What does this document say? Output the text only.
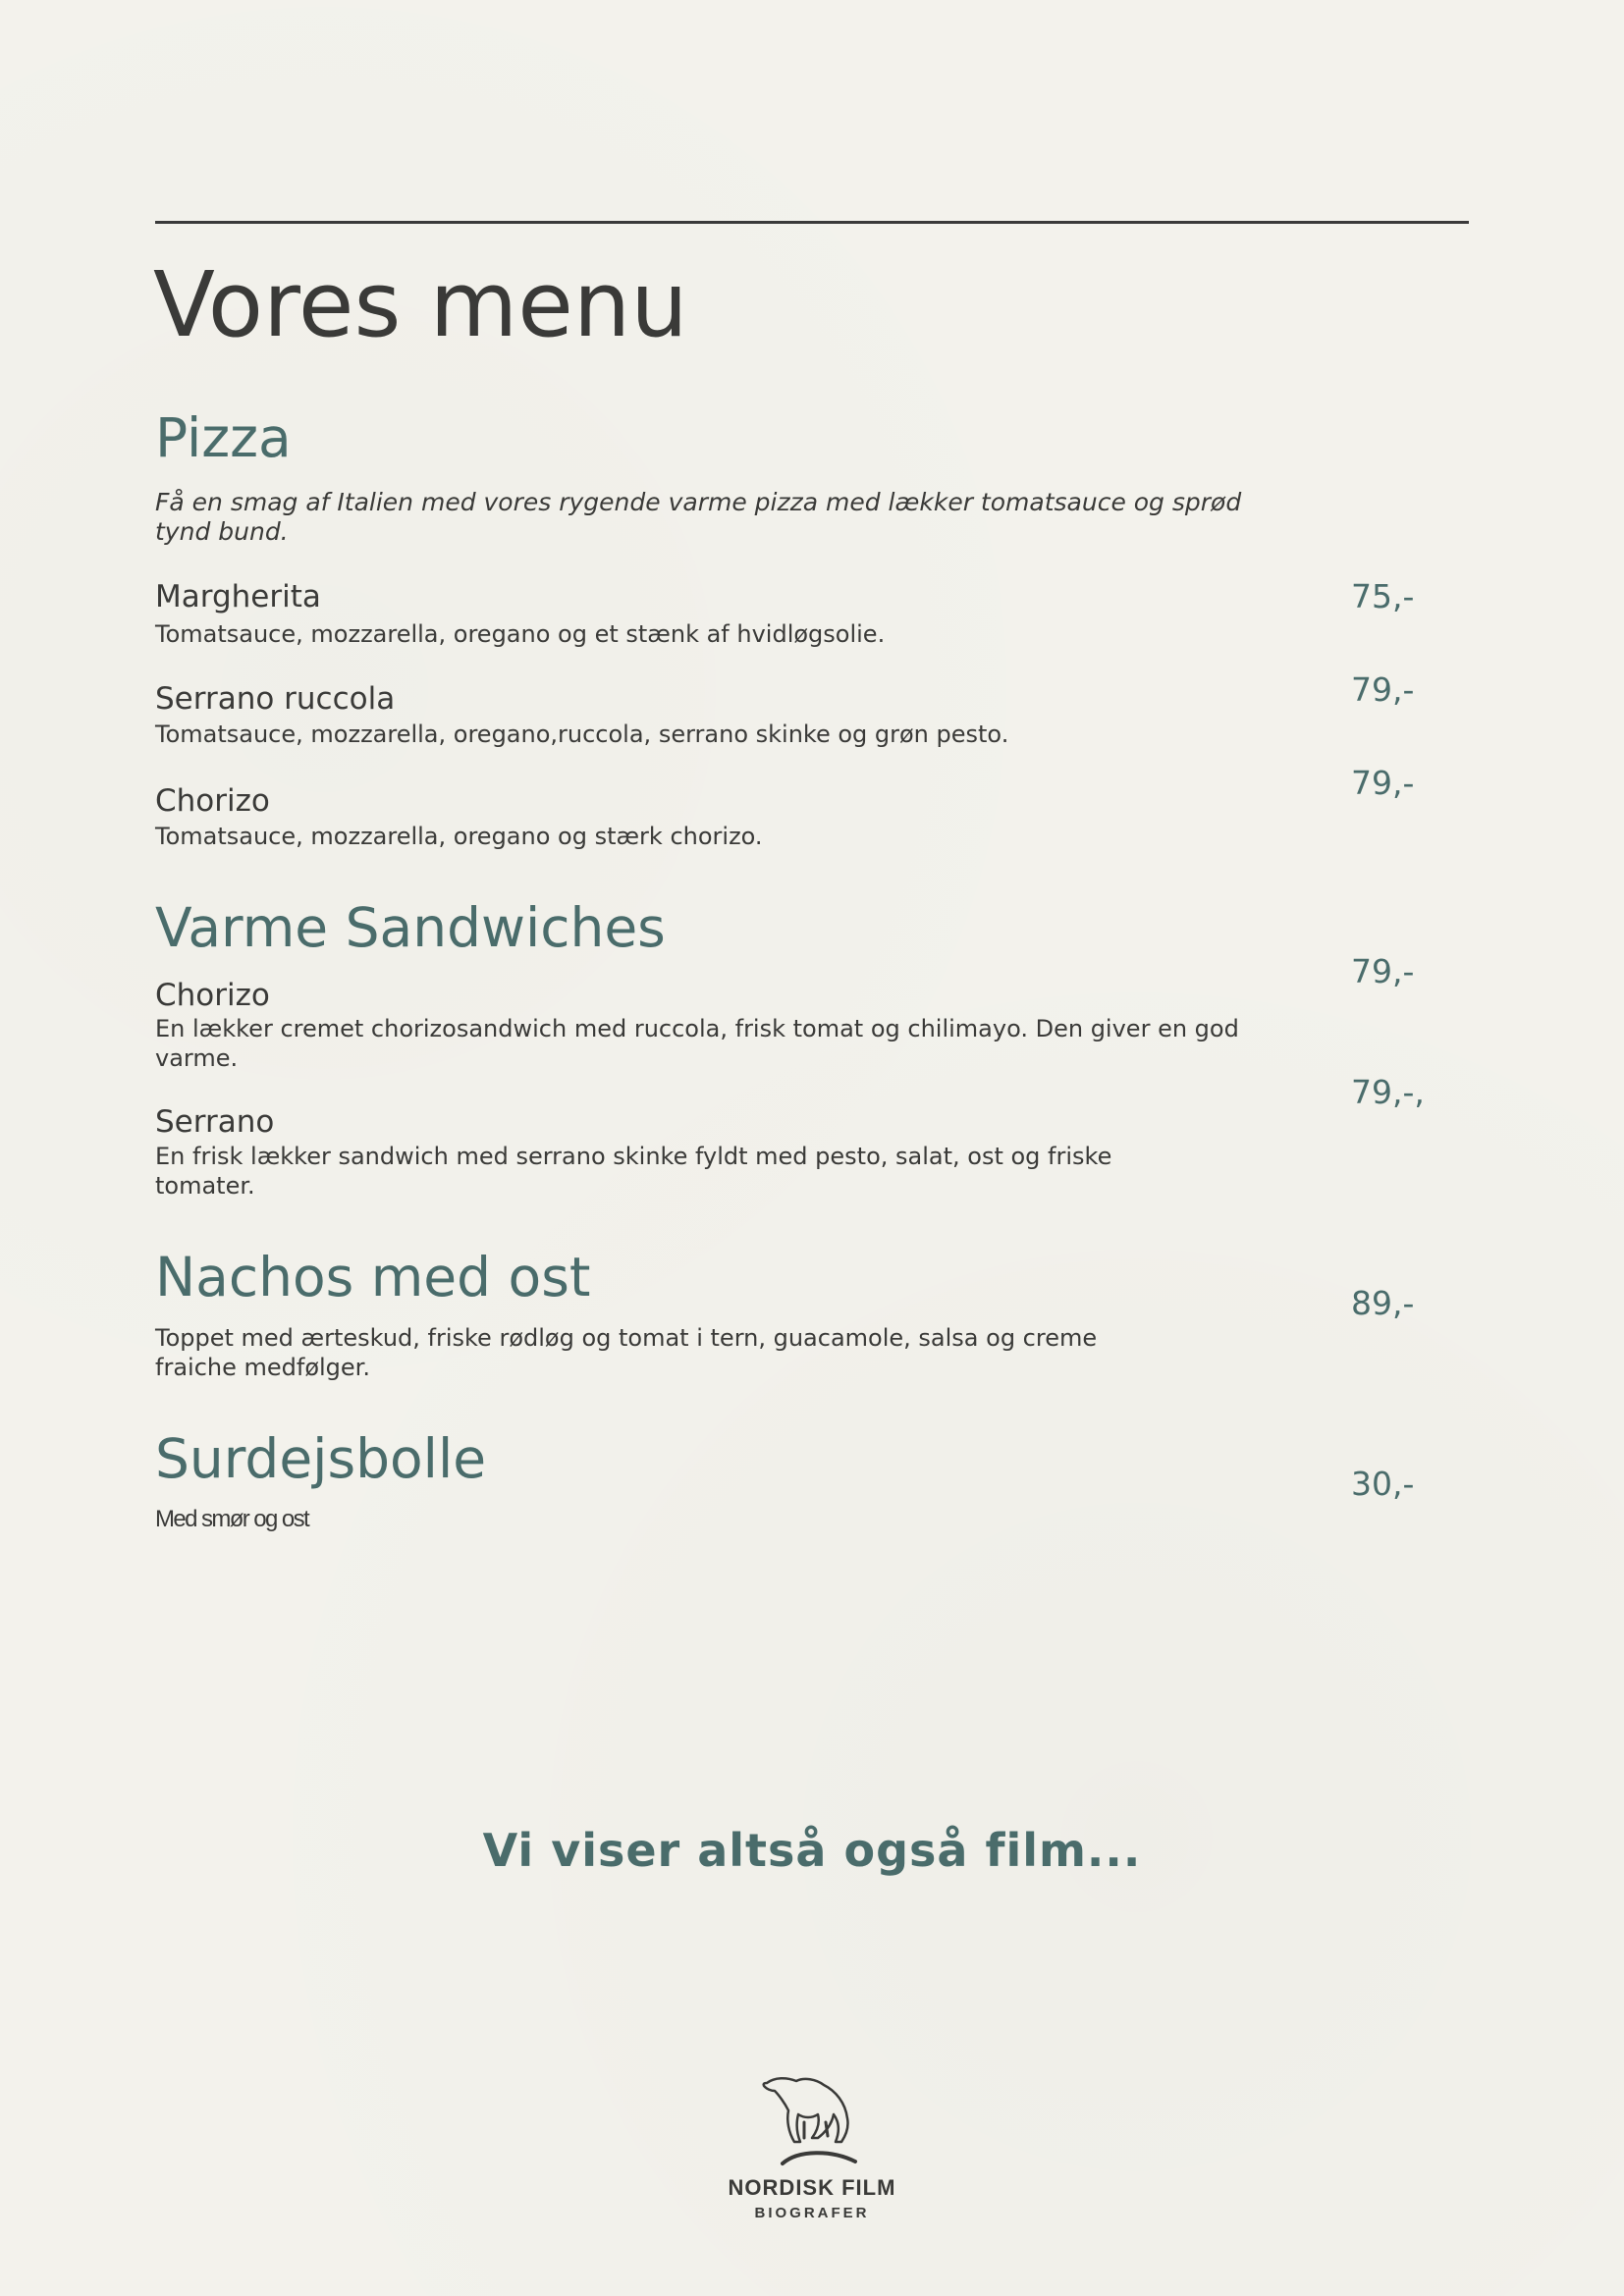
Vores menu
Pizza
Få en smag af Italien med vores rygende varme pizza med lækker tomatsauce og sprød tynd bund.
Margherita
Tomatsauce, mozzarella, oregano og et stænk af hvidløgsolie.
75,-
Serrano ruccola
Tomatsauce, mozzarella, oregano,ruccola, serrano skinke og grøn pesto.
79,-
Chorizo
Tomatsauce, mozzarella, oregano og stærk chorizo.
79,-
Varme Sandwiches
Chorizo
En lækker cremet chorizosandwich med ruccola, frisk tomat og chilimayo. Den giver en god varme.
79,-
Serrano
En frisk lækker sandwich med serrano skinke fyldt med pesto, salat, ost og friske tomater.
79,-,
Nachos med ost
Toppet med ærteskud, friske rødløg og tomat i tern, guacamole, salsa og creme fraiche medfølger.
89,-
Surdejsbolle
Med smør og ost
30,-
Vi viser altså også film...
NORDISK FILM
BIOGRAFER
